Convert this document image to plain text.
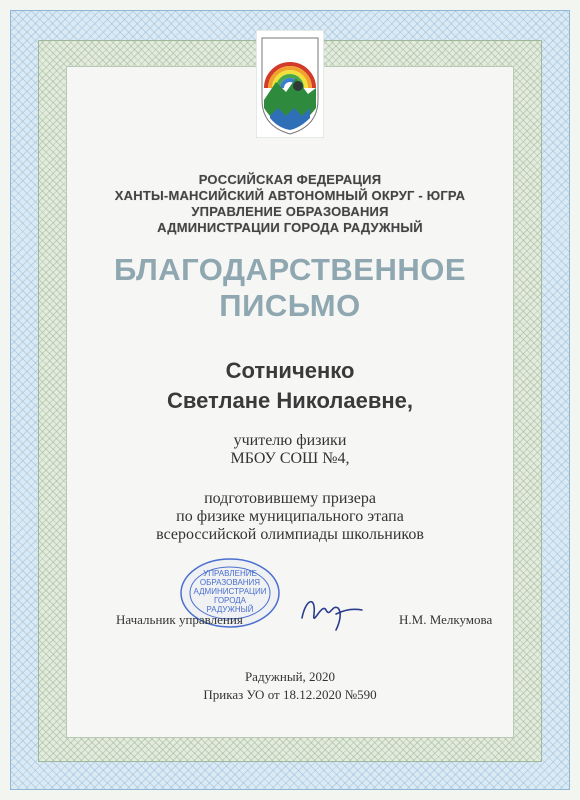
РОССИЙСКАЯ ФЕДЕРАЦИЯ
ХАНТЫ-МАНСИЙСКИЙ АВТОНОМНЫЙ ОКРУГ - ЮГРА
УПРАВЛЕНИЕ ОБРАЗОВАНИЯ
АДМИНИСТРАЦИИ ГОРОДА РАДУЖНЫЙ
БЛАГОДАРСТВЕННОЕ
ПИСЬМО
Сотниченко
Светлане Николаевне,
учителю физики
МБОУ СОШ №4,
подготовившему призера
по физике муниципального этапа
всероссийской олимпиады школьников
УПРАВЛЕНИЕ
ОБРАЗОВАНИЯ
АДМИНИСТРАЦИИ
ГОРОДА
РАДУЖНЫЙ
Начальник управления	Н.М. Мелкумова
Радужный, 2020
Приказ УО от 18.12.2020 №590
